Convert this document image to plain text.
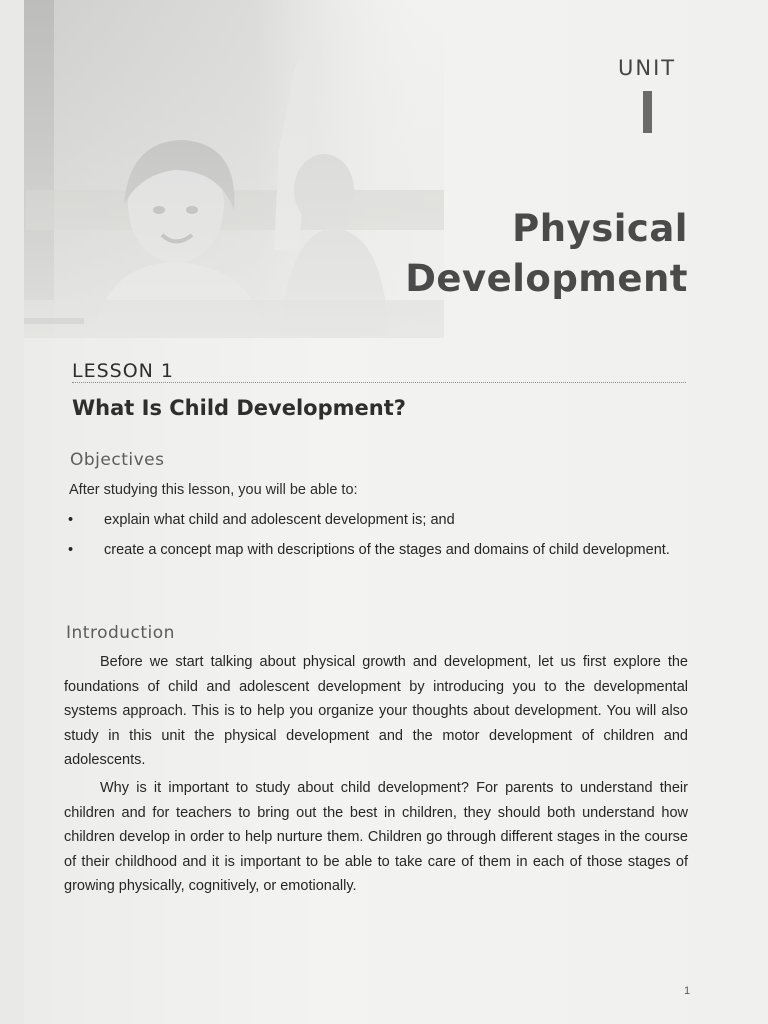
UNIT
Physical
Development
LESSON 1
What Is Child Development?
Objectives
After studying this lesson, you will be able to:
• explain what child and adolescent development is; and
• create a concept map with descriptions of the stages and domains of child development.
Introduction
Before we start talking about physical growth and development, let us first explore the foundations of child and adolescent development by introducing you to the developmental systems approach. This is to help you organize your thoughts about development. You will also study in this unit the physical development and the motor development of children and adolescents.
Why is it important to study about child development? For parents to understand their children and for teachers to bring out the best in children, they should both understand how children develop in order to help nurture them. Children go through different stages in the course of their childhood and it is important to be able to take care of them in each of those stages of growing physically, cognitively, or emotionally.
1
